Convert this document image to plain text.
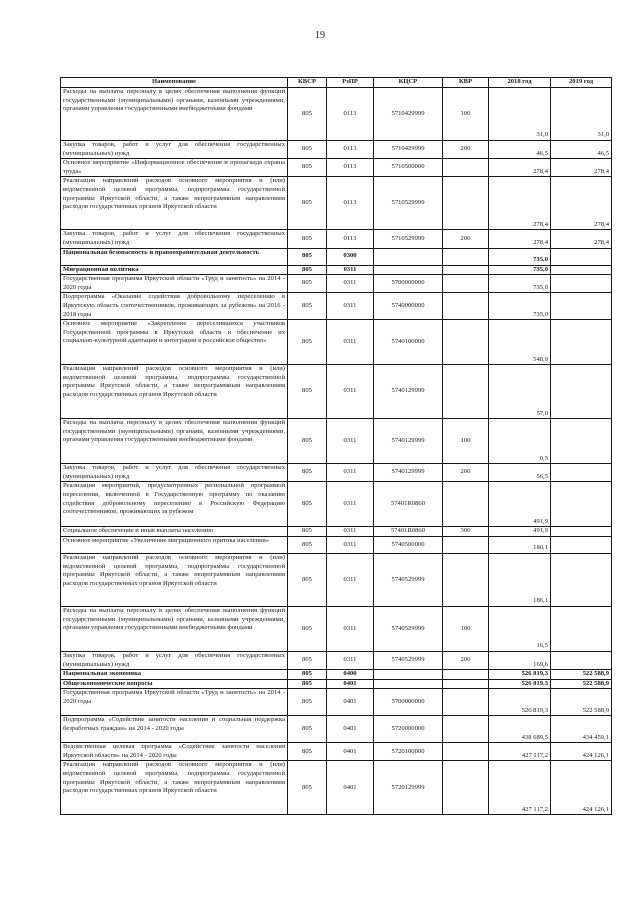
19
Наименование	КВСР	РзПР	КЦСР	КВР	2018 год	2019 год
Расходы на выплаты персоналу в целях обеспечения выполнения функций государственными (муниципальными) органами, казенными учреждениями, органами управления государственными внебюджетными фондами	805	0113	5710429999	100	31,0	31,0
Закупка товаров, работ и услуг для обеспечения государственных (муниципальных) нужд	805	0113	5710429999	200	46,5	46,5
Основное мероприятие «Информационное обеспечение и пропаганда охраны труда»	805	0113	5710500000		278,4	278,4
Реализация направлений расходов основного мероприятия и (или) ведомственной целевой программы, подпрограммы государственной программы Иркутской области, а также непрограммным направлениям расходов государственных органов Иркутской области	805	0113	5710529999		278,4	278,4
Закупка товаров, работ и услуг для обеспечения государственных (муниципальных) нужд	805	0113	5710529999	200	278,4	278,4
Национальная безопасность и правоохранительная деятельность	805	0300			735,0	
Миграционная политика	805	0311			735,0	
Государственная программа Иркутской области «Труд и занятость» на 2014 - 2020 годы	805	0311	5700000000		735,0	
Подпрограмма «Оказание содействия добровольному переселению в Иркутскую область соотечественников, проживающих за рубежом» на 2016 - 2018 годы	805	0311	5740000000		735,0	
Основное мероприятие «Закрепление переселившихся участников Государственной программы в Иркутской области и обеспечение их социально-культурной адаптации и интеграции в российское общество»	805	0311	5740100000		548,9	
Реализация направлений расходов основного мероприятия и (или) ведомственной целевой программы, подпрограммы государственной программы Иркутской области, а также непрограммным направлениям расходов государственных органов Иркутской области	805	0311	5740129999		57,0	
Расходы на выплаты персоналу в целях обеспечения выполнения функций государственными (муниципальными) органами, казенными учреждениями, органами управления государственными внебюджетными фондами	805	0311	5740129999	100	0,5	
Закупка товаров, работ и услуг для обеспечения государственных (муниципальных) нужд	805	0311	5740129999	200	56,5	
Реализация мероприятий, предусмотренных региональной программой переселения, включенной в Государственную программу по оказанию содействия добровольному переселению в Российскую Федерацию соотечественников, проживающих за рубежом	805	0311	57401R0860		491,9	
Социальное обеспечение и иные выплаты населению	805	0311	57401R0860	300	491,9	
Основное мероприятие «Увеличение миграционного притока населения»	805	0311	5740500000		186,1	
Реализация направлений расходов основного мероприятия и (или) ведомственной целевой программы, подпрограммы государственной программы Иркутской области, а также непрограммным направлениям расходов государственных органов Иркутской области	805	0311	5740529999		186,1	
Расходы на выплаты персоналу в целях обеспечения выполнения функций государственными (муниципальными) органами, казенными учреждениями, органами управления государственными внебюджетными фондами	805	0311	5740529999	100	16,5	
Закупка товаров, работ и услуг для обеспечения государственных (муниципальных) нужд	805	0311	5740529999	200	169,6	
Национальная экономика	805	0400			526 819,3	522 588,9
Общеэкономические вопросы	805	0401			526 819,3	522 588,9
Государственная программа Иркутской области «Труд и занятость» на 2014 - 2020 годы	805	0401	5700000000		526 819,3	522 588,9
Подпрограмма «Содействие занятости населения и социальная поддержка безработных граждан» на 2014 - 2020 годы	805	0401	5720000000		438 689,5	434 459,1
Ведомственная целевая программа «Содействие занятости населения Иркутской области» на 2014 - 2020 годы	805	0401	5720100000		427 117,2	424 126,1
Реализация направлений расходов основного мероприятия и (или) ведомственной целевой программы, подпрограммы государственной программы Иркутской области, а также непрограммным направлениям расходов государственных органов Иркутской области	805	0401	5720129999		427 117,2	424 126,1
